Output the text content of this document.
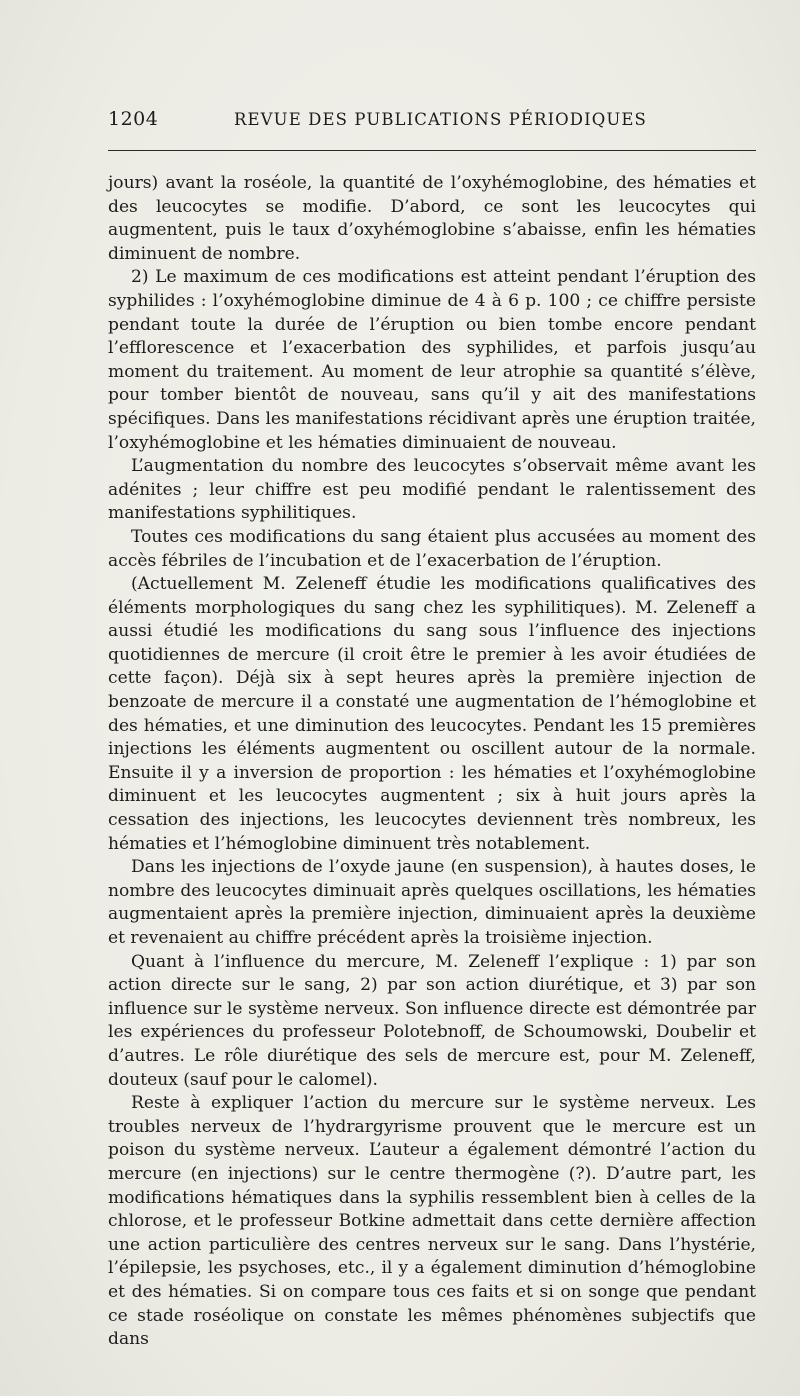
1204	REVUE DES PUBLICATIONS PÉRIODIQUES

jours) avant la roséole, la quantité de l’oxyhémoglobine, des hématies et des leucocytes se modifie. D’abord, ce sont les leucocytes qui augmentent, puis le taux d’oxyhémoglobine s’abaisse, enfin les hématies diminuent de nombre.

2) Le maximum de ces modifications est atteint pendant l’éruption des syphilides : l’oxyhémoglobine diminue de 4 à 6 p. 100 ; ce chiffre persiste pendant toute la durée de l’éruption ou bien tombe encore pendant l’efflorescence et l’exacerbation des syphilides, et parfois jusqu’au moment du traitement. Au moment de leur atrophie sa quantité s’élève, pour tomber bientôt de nouveau, sans qu’il y ait des manifestations spécifiques. Dans les manifestations récidivant après une éruption traitée, l’oxyhémoglobine et les hématies diminuaient de nouveau.

L’augmentation du nombre des leucocytes s’observait même avant les adénites ; leur chiffre est peu modifié pendant le ralentissement des manifestations syphilitiques.

Toutes ces modifications du sang étaient plus accusées au moment des accès fébriles de l’incubation et de l’exacerbation de l’éruption.

(Actuellement M. Zeleneff étudie les modifications qualificatives des éléments morphologiques du sang chez les syphilitiques). M. Zeleneff a aussi étudié les modifications du sang sous l’influence des injections quotidiennes de mercure (il croit être le premier à les avoir étudiées de cette façon). Déjà six à sept heures après la première injection de benzoate de mercure il a constaté une augmentation de l’hémoglobine et des hématies, et une diminution des leucocytes. Pendant les 15 premières injections les éléments augmentent ou oscillent autour de la normale. Ensuite il y a inversion de proportion : les hématies et l’oxyhémoglobine diminuent et les leucocytes augmentent ; six à huit jours après la cessation des injections, les leucocytes deviennent très nombreux, les hématies et l’hémoglobine diminuent très notablement.

Dans les injections de l’oxyde jaune (en suspension), à hautes doses, le nombre des leucocytes diminuait après quelques oscillations, les hématies augmentaient après la première injection, diminuaient après la deuxième et revenaient au chiffre précédent après la troisième injection.

Quant à l’influence du mercure, M. Zeleneff l’explique : 1) par son action directe sur le sang, 2) par son action diurétique, et 3) par son influence sur le système nerveux. Son influence directe est démontrée par les expériences du professeur Polotebnoff, de Schoumowski, Doubelir et d’autres. Le rôle diurétique des sels de mercure est, pour M. Zeleneff, douteux (sauf pour le calomel).

Reste à expliquer l’action du mercure sur le système nerveux. Les troubles nerveux de l’hydrargyrisme prouvent que le mercure est un poison du système nerveux. L’auteur a également démontré l’action du mercure (en injections) sur le centre thermogène (?). D’autre part, les modifications hématiques dans la syphilis ressemblent bien à celles de la chlorose, et le professeur Botkine admettait dans cette dernière affection une action particulière des centres nerveux sur le sang. Dans l’hystérie, l’épilepsie, les psychoses, etc., il y a également diminution d’hémoglobine et des hématies. Si on compare tous ces faits et si on songe que pendant ce stade roséolique on constate les mêmes phénomènes subjectifs que dans
